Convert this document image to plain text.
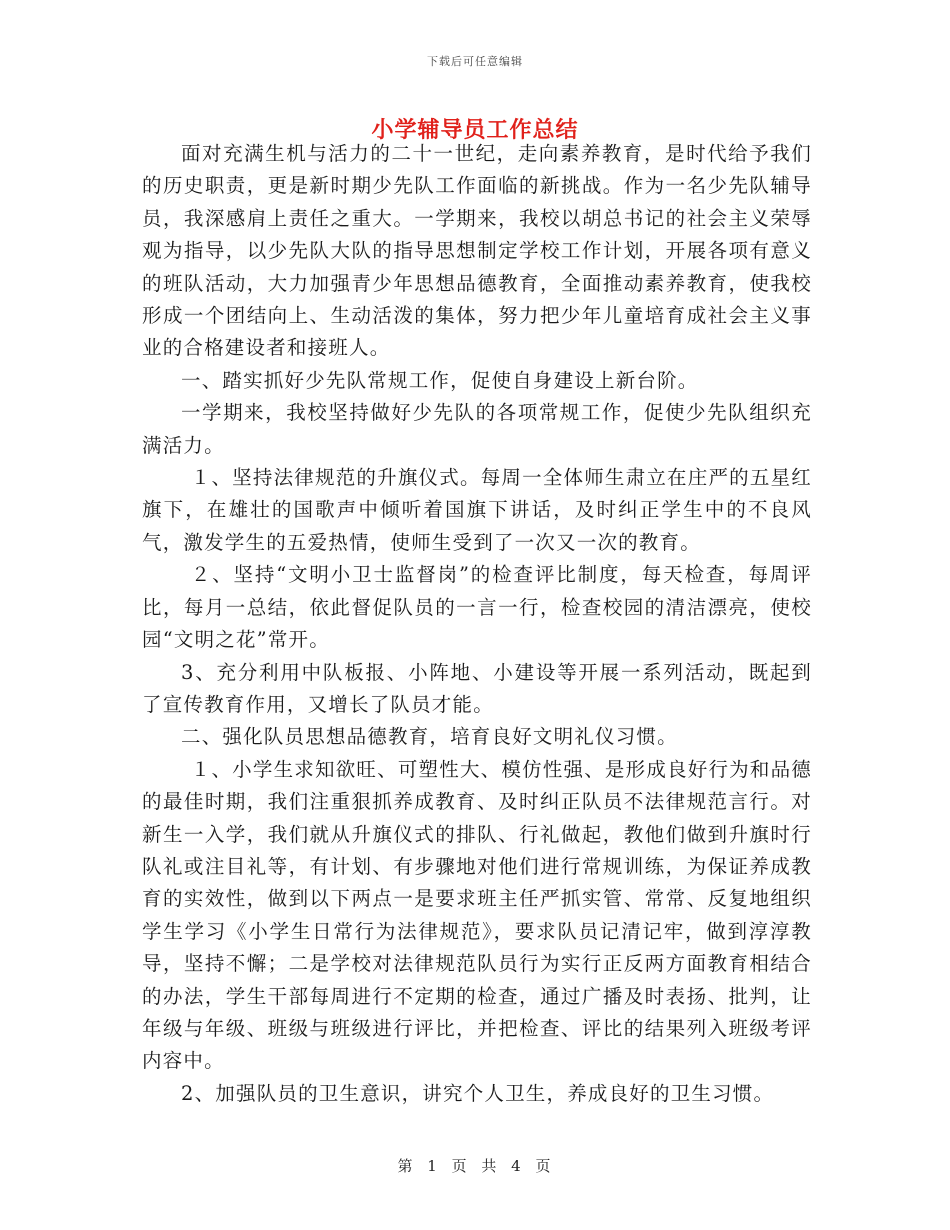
下载后可任意编辑
小学辅导员工作总结

面对充满生机与活力的二十一世纪，走向素养教育，是时代给予我们的历史职责，更是新时期少先队工作面临的新挑战。作为一名少先队辅导员，我深感肩上责任之重大。一学期来，我校以胡总书记的社会主义荣辱观为指导，以少先队大队的指导思想制定学校工作计划，开展各项有意义的班队活动，大力加强青少年思想品德教育，全面推动素养教育，使我校形成一个团结向上、生动活泼的集体，努力把少年儿童培育成社会主义事业的合格建设者和接班人。

一、踏实抓好少先队常规工作，促使自身建设上新台阶。

一学期来，我校坚持做好少先队的各项常规工作，促使少先队组织充满活力。

１、坚持法律规范的升旗仪式。每周一全体师生肃立在庄严的五星红旗下，在雄壮的国歌声中倾听着国旗下讲话，及时纠正学生中的不良风气，激发学生的五爱热情，使师生受到了一次又一次的教育。

２、坚持“文明小卫士监督岗”的检查评比制度，每天检查，每周评比，每月一总结，依此督促队员的一言一行，检查校园的清洁漂亮，使校园“文明之花”常开。

3、充分利用中队板报、小阵地、小建设等开展一系列活动，既起到了宣传教育作用，又增长了队员才能。

二、强化队员思想品德教育，培育良好文明礼仪习惯。

１、小学生求知欲旺、可塑性大、模仿性强、是形成良好行为和品德的最佳时期，我们注重狠抓养成教育、及时纠正队员不法律规范言行。对新生一入学，我们就从升旗仪式的排队、行礼做起，教他们做到升旗时行队礼或注目礼等，有计划、有步骤地对他们进行常规训练，为保证养成教育的实效性，做到以下两点一是要求班主任严抓实管、常常、反复地组织学生学习《小学生日常行为法律规范》，要求队员记清记牢，做到淳淳教导，坚持不懈；二是学校对法律规范队员行为实行正反两方面教育相结合的办法，学生干部每周进行不定期的检查，通过广播及时表扬、批判，让年级与年级、班级与班级进行评比，并把检查、评比的结果列入班级考评内容中。

2、加强队员的卫生意识，讲究个人卫生，养成良好的卫生习惯。

第 1 页 共 4 页
